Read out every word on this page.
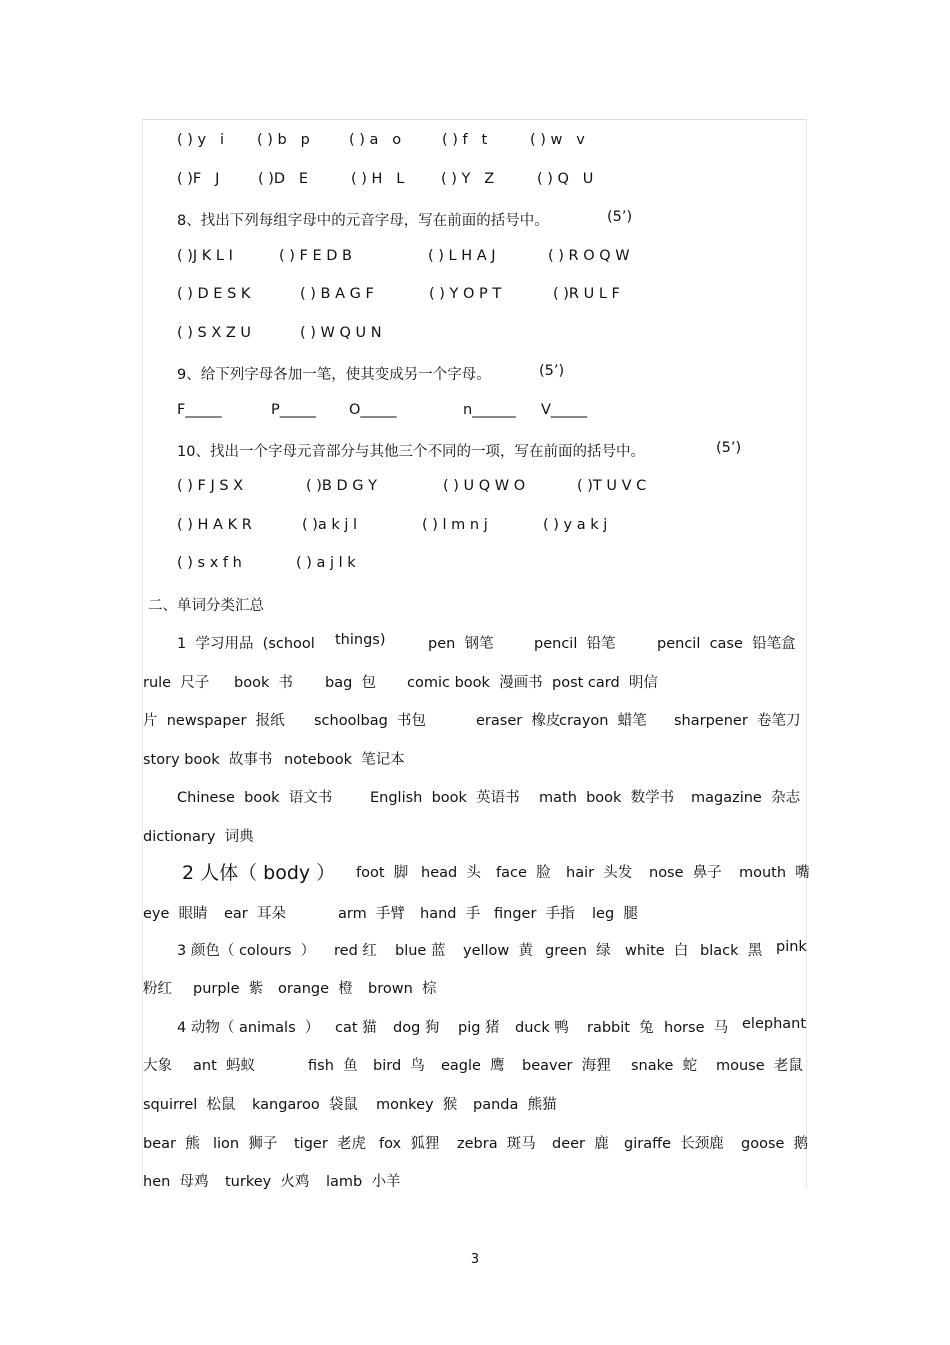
( ) y   i ( ) b   p	( ) a   o	( ) f   t	( ) w   v
( )F   J	( )D   E	( ) H   L	( ) Y   Z	( ) Q   U
8、找出下列每组字母中的元音字母，写在前面的括号中。	(5’)
( )J K L I	( ) F E D B	( ) L H A J	( ) R O Q W
( ) D E S K	( ) B A G F	( ) Y O P T	( )R U L F
( ) S X Z U	( ) W Q U N
9、给下列字母各加一笔，使其变成另一个字母。	(5’)
F_____	P_____ O_____	n______ V_____
10、找出一个字母元音部分与其他三个不同的一项，写在前面的括号中。	(5’)
( ) F J S X	( )B D G Y	( ) U Q W O	( )T U V C
( ) H A K R	( )a k j l	( ) l m n j	( ) y a k j
( ) s x f h	( ) a j l k
二、单词分类汇总
1  学习用品  (school things)	pen  钢笔	pencil  铅笔	pencil  case  铅笔盒
rule  尺子 book  书 bag  包 comic book  漫画书 post card  明信
片  newspaper  报纸 schoolbag  书包	eraser  橡皮
crayon  蜡笔 sharpener  卷笔刀
story book  故事书 notebook  笔记本
Chinese  book  语文书	English  book  英语书 math  book  数学书 magazine  杂志
dictionary  词典
2 人体（ body ） foot  脚 head  头 face  脸 hair  头发 nose  鼻子 mouth  嘴
eye  眼睛 ear  耳朵	arm  手臂 hand  手 finger  手指 leg  腿
3 颜色（ colours  ） red 红 blue 蓝 yellow  黄 green  绿 white  白 black  黑 pink
粉红 purple  紫 orange  橙 brown  棕
4 动物（ animals  ） cat 猫 dog 狗 pig 猪 duck 鸭 rabbit  兔 horse  马 elephant
大象 ant  蚂蚁	fish  鱼 bird  鸟 eagle  鹰 beaver  海狸 snake  蛇 mouse  老鼠
squirrel  松鼠 kangaroo  袋鼠 monkey  猴 panda  熊猫
bear  熊 lion  狮子 tiger  老虎 fox  狐狸 zebra  斑马 deer  鹿 giraffe  长颈鹿 goose  鹅
hen  母鸡 turkey  火鸡 lamb  小羊
3
